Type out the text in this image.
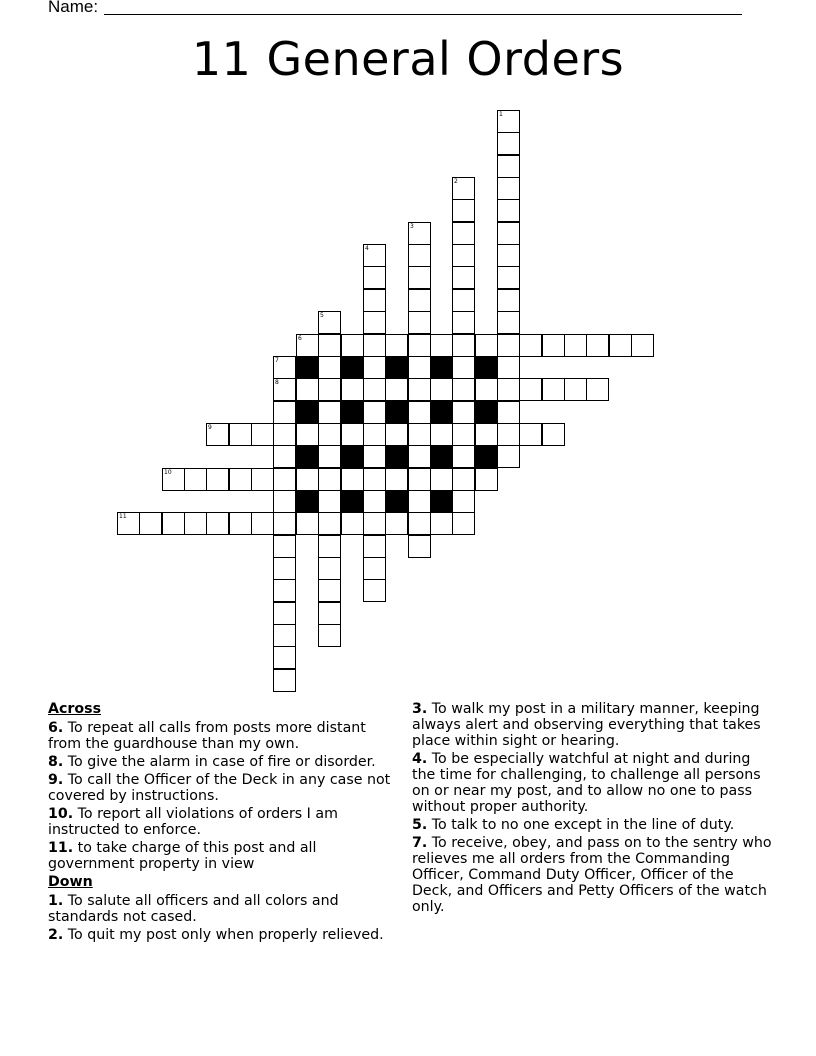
Name:
11 General Orders
6
8
9
10
11
1
2
3
4
5
7
Across
6. To repeat all calls from posts more distant from the guardhouse than my own.
8. To give the alarm in case of fire or disorder.
9. To call the Officer of the Deck in any case not covered by instructions.
10. To report all violations of orders I am instructed to enforce.
11. to take charge of this post and all government property in view
Down
1. To salute all officers and all colors and standards not cased.
2. To quit my post only when properly relieved.
3. To walk my post in a military manner, keeping always alert and observing everything that takes place within sight or hearing.
4. To be especially watchful at night and during the time for challenging, to challenge all persons on or near my post, and to allow no one to pass without proper authority.
5. To talk to no one except in the line of duty.
7. To receive, obey, and pass on to the sentry who relieves me all orders from the Commanding Officer, Command Duty Officer, Officer of the Deck, and Officers and Petty Officers of the watch only.
